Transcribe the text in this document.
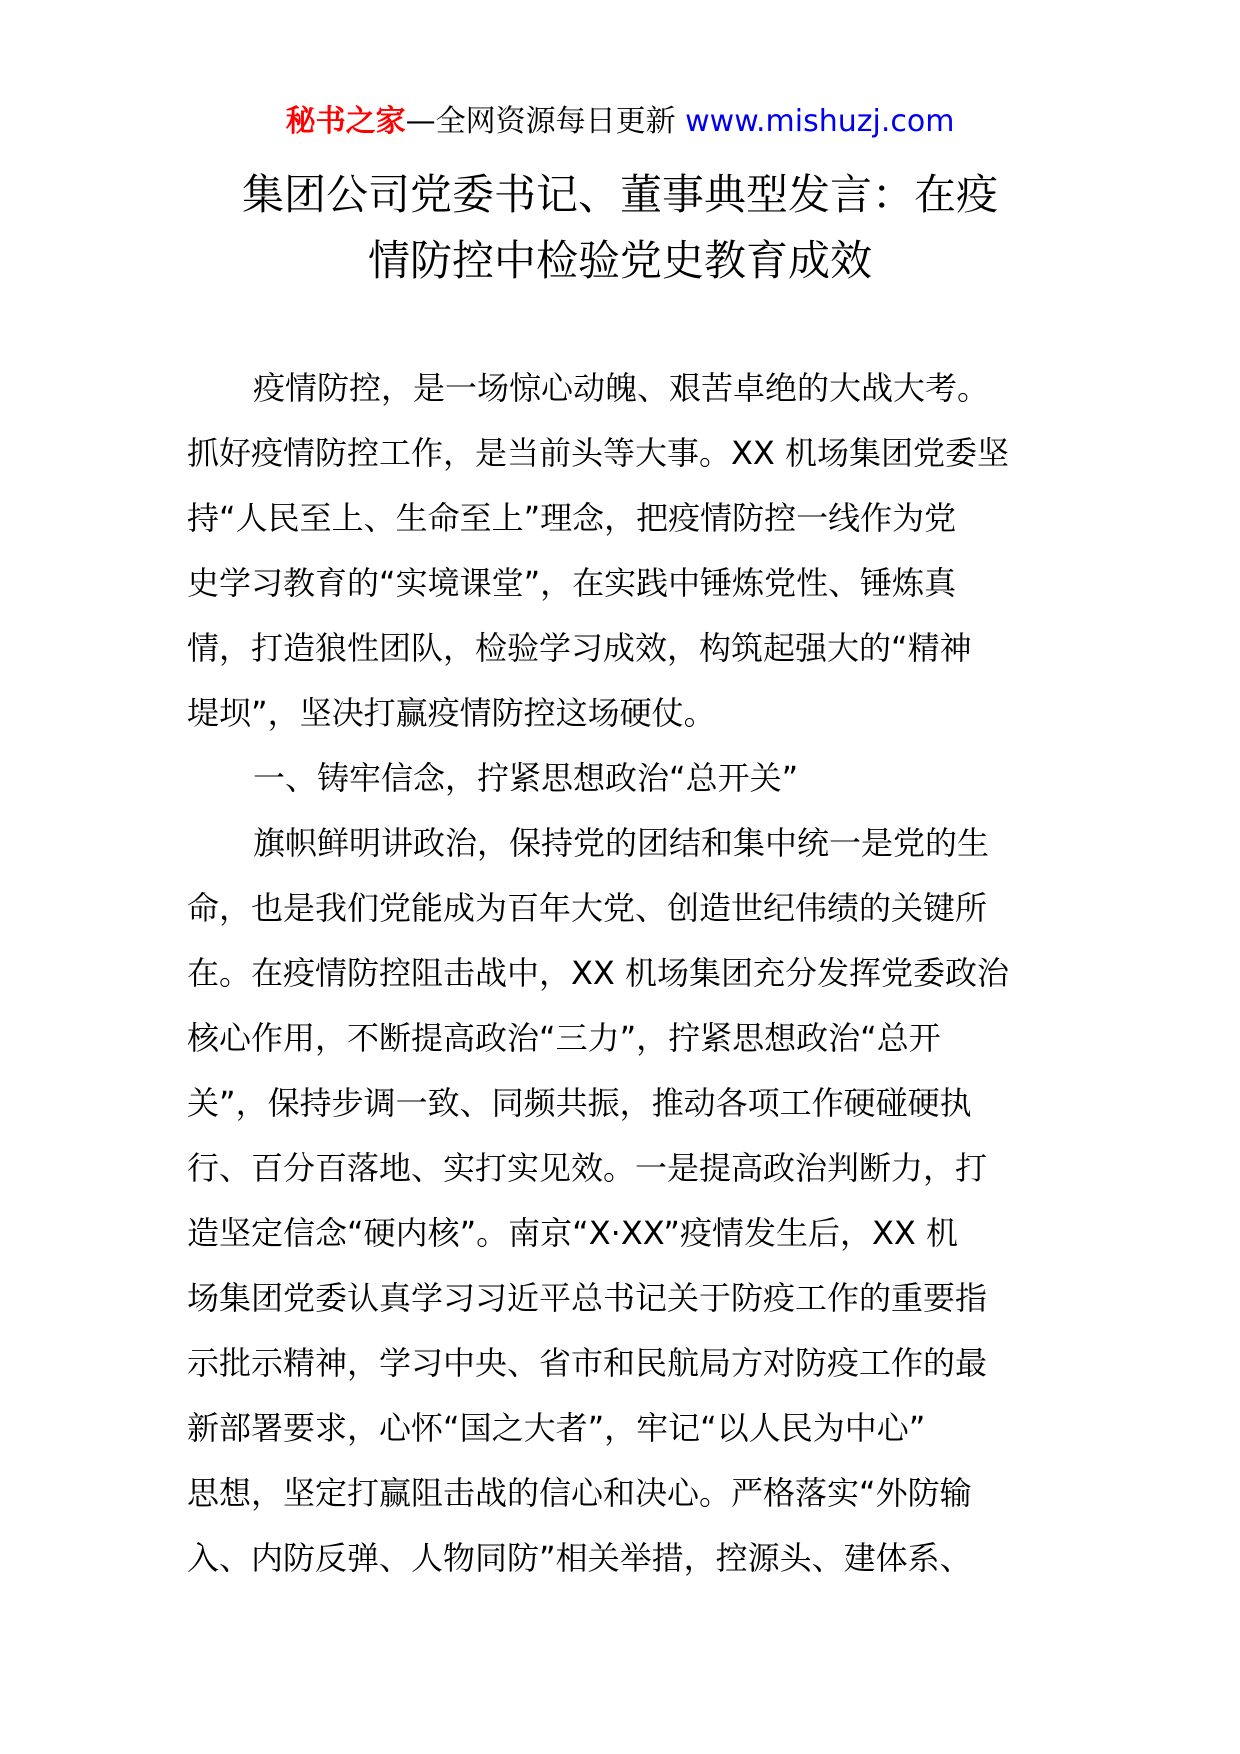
秘书之家—全网资源每日更新 www.mishuzj.com
集团公司党委书记、董事典型发言：在疫
情防控中检验党史教育成效
疫情防控，是一场惊心动魄、艰苦卓绝的大战大考。
抓好疫情防控工作，是当前头等大事。XX 机场集团党委坚
持“人民至上、生命至上”理念，把疫情防控一线作为党
史学习教育的“实境课堂”，在实践中锤炼党性、锤炼真
情，打造狼性团队，检验学习成效，构筑起强大的“精神
堤坝”，坚决打赢疫情防控这场硬仗。
一、铸牢信念，拧紧思想政治“总开关”
旗帜鲜明讲政治，保持党的团结和集中统一是党的生
命，也是我们党能成为百年大党、创造世纪伟绩的关键所
在。在疫情防控阻击战中，XX 机场集团充分发挥党委政治
核心作用，不断提高政治“三力”，拧紧思想政治“总开
关”，保持步调一致、同频共振，推动各项工作硬碰硬执
行、百分百落地、实打实见效。一是提高政治判断力，打
造坚定信念“硬内核”。南京“X·XX”疫情发生后，XX 机
场集团党委认真学习习近平总书记关于防疫工作的重要指
示批示精神，学习中央、省市和民航局方对防疫工作的最
新部署要求，心怀“国之大者”，牢记“以人民为中心”
思想，坚定打赢阻击战的信心和决心。严格落实“外防输
入、内防反弹、人物同防”相关举措，控源头、建体系、
